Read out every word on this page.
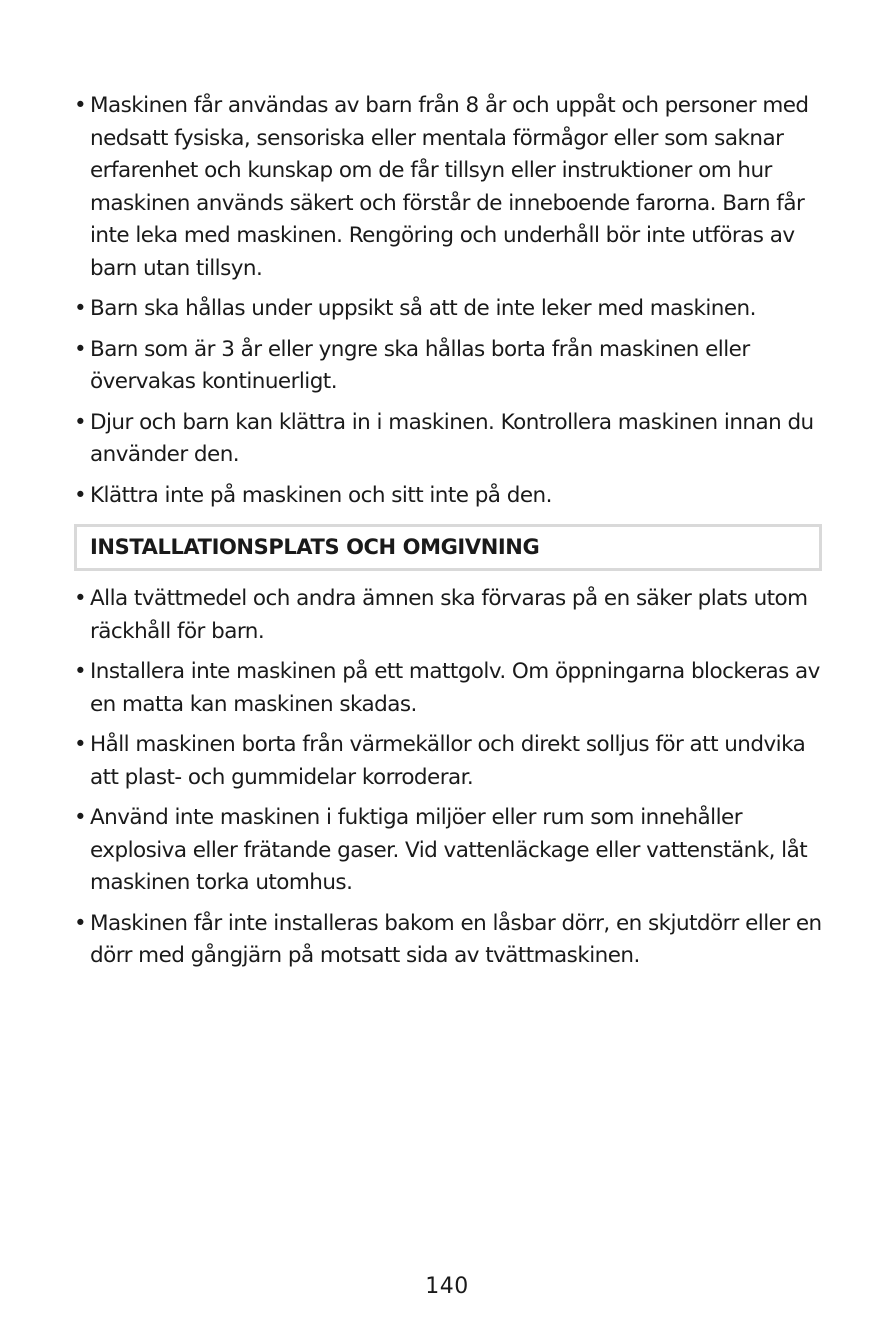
• Maskinen får användas av barn från 8 år och uppåt och personer med nedsatt fysiska, sensoriska eller mentala förmågor eller som saknar erfarenhet och kunskap om de får tillsyn eller instruktioner om hur maskinen används säkert och förstår de inneboende farorna. Barn får inte leka med maskinen. Rengöring och underhåll bör inte utföras av barn utan tillsyn.
• Barn ska hållas under uppsikt så att de inte leker med maskinen.
• Barn som är 3 år eller yngre ska hållas borta från maskinen eller övervakas kontinuerligt.
• Djur och barn kan klättra in i maskinen. Kontrollera maskinen innan du använder den.
• Klättra inte på maskinen och sitt inte på den.
INSTALLATIONSPLATS OCH OMGIVNING
• Alla tvättmedel och andra ämnen ska förvaras på en säker plats utom räckhåll för barn.
• Installera inte maskinen på ett mattgolv. Om öppningarna blockeras av en matta kan maskinen skadas.
• Håll maskinen borta från värmekällor och direkt solljus för att undvika att plast- och gummidelar korroderar.
• Använd inte maskinen i fuktiga miljöer eller rum som innehåller explosiva eller frätande gaser. Vid vattenläckage eller vattenstänk, låt maskinen torka utomhus.
• Maskinen får inte installeras bakom en låsbar dörr, en skjutdörr eller en dörr med gångjärn på motsatt sida av tvättmaskinen.
140
